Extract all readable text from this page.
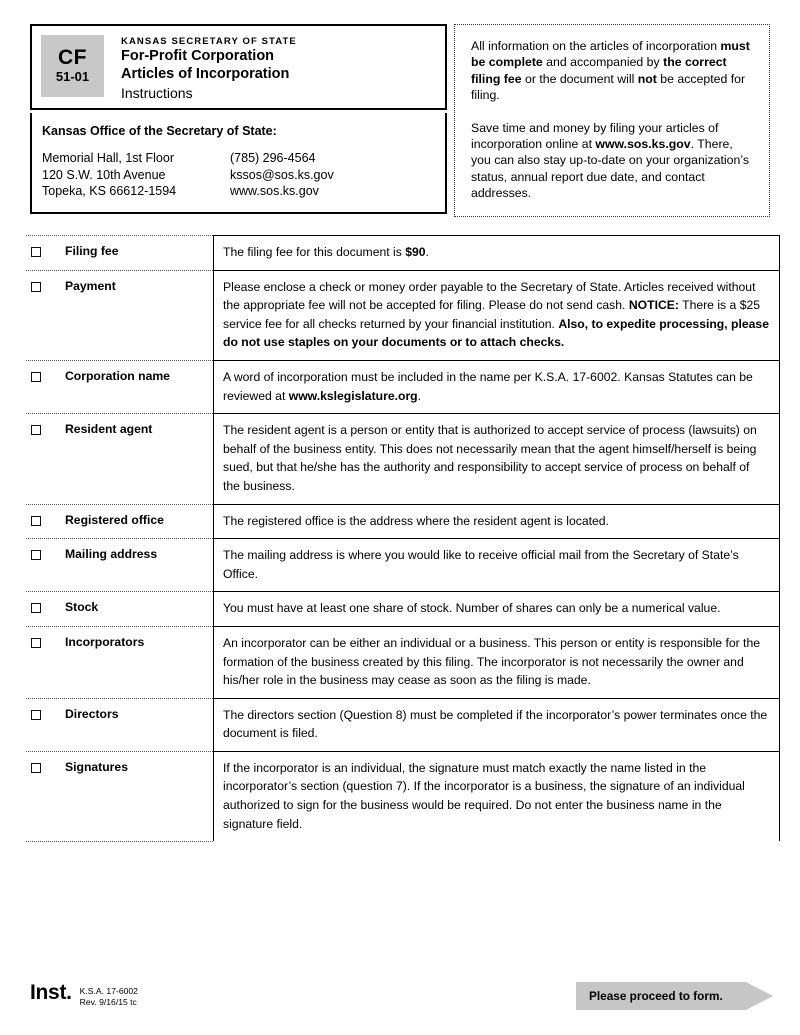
CF
51-01
KANSAS SECRETARY OF STATE
For-Profit Corporation
Articles of Incorporation
Instructions
Kansas Office of the Secretary of State:
Memorial Hall, 1st Floor
120 S.W. 10th Avenue
Topeka, KS 66612-1594
(785) 296-4564
kssos@sos.ks.gov
www.sos.ks.gov

All information on the articles of incorporation must be complete and accompanied by the correct filing fee or the document will not be accepted for filing.

Save time and money by filing your articles of incorporation online at www.sos.ks.gov. There, you can also stay up-to-date on your organization’s status, annual report due date, and contact addresses.

Filing fee	The filing fee for this document is $90.
Payment	Please enclose a check or money order payable to the Secretary of State. Articles received without the appropriate fee will not be accepted for filing. Please do not send cash. NOTICE: There is a $25 service fee for all checks returned by your financial institution. Also, to expedite processing, please do not use staples on your documents or to attach checks.
Corporation name	A word of incorporation must be included in the name per K.S.A. 17-6002. Kansas Statutes can be reviewed at www.kslegislature.org.
Resident agent	The resident agent is a person or entity that is authorized to accept service of process (lawsuits) on behalf of the business entity. This does not necessarily mean that the agent himself/herself is being sued, but that he/she has the authority and responsibility to accept service of process on behalf of the business.
Registered office	The registered office is the address where the resident agent is located.
Mailing address	The mailing address is where you would like to receive official mail from the Secretary of State’s Office.
Stock	You must have at least one share of stock. Number of shares can only be a numerical value.
Incorporators	An incorporator can be either an individual or a business. This person or entity is responsible for the formation of the business created by this filing. The incorporator is not necessarily the owner and his/her role in the business may cease as soon as the filing is made.
Directors	The directors section (Question 8) must be completed if the incorporator’s power terminates once the document is filed.
Signatures	If the incorporator is an individual, the signature must match exactly the name listed in the incorporator’s section (question 7). If the incorporator is a business, the signature of an individual authorized to sign for the business would be required. Do not enter the business name in the signature field.
Inst. K.S.A. 17-6002
Rev. 9/16/15 tc	Please proceed to form.
